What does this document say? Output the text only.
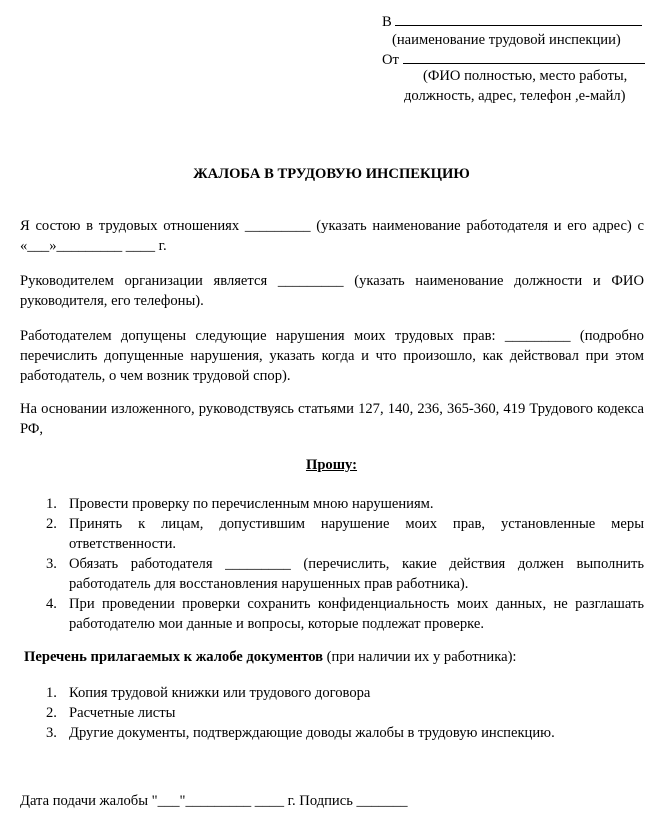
В
(наименование трудовой инспекции)
От
(ФИО полностью, место работы,
должность, адрес, телефон ,е-майл)
ЖАЛОБА В ТРУДОВУЮ ИНСПЕКЦИЮ
Я состою в трудовых отношениях _________ (указать наименование работодателя и его адрес) с «___»_________ ____ г.
Руководителем организации является _________ (указать наименование должности и ФИО руководителя, его телефоны).
Работодателем допущены следующие нарушения моих трудовых прав: _________ (подробно перечислить допущенные нарушения, указать когда и что произошло, как действовал при этом работодатель, о чем возник трудовой спор).
На основании изложенного, руководствуясь статьями 127, 140, 236, 365-360, 419 Трудового кодекса РФ,
Прошу:
1. Провести проверку по перечисленным мною нарушениям.
2. Принять к лицам, допустившим нарушение моих прав, установленные меры ответственности.
3. Обязать работодателя _________ (перечислить, какие действия должен выполнить работодатель для восстановления нарушенных прав работника).
4. При проведении проверки сохранить конфиденциальность моих данных, не разглашать работодателю мои данные и вопросы, которые подлежат проверке.
Перечень прилагаемых к жалобе документов (при наличии их у работника):
1. Копия трудовой книжки или трудового договора
2. Расчетные листы
3. Другие документы, подтверждающие доводы жалобы в трудовую инспекцию.
Дата подачи жалобы "___"_________ ____ г. Подпись _______
